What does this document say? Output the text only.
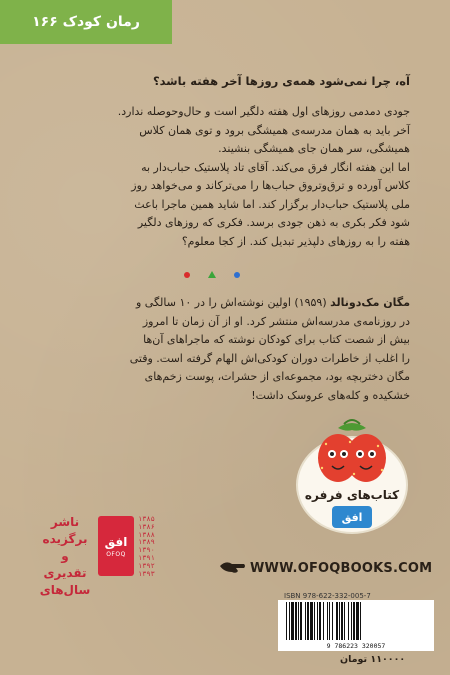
رمان کودک ۱۶۶
آه، چرا نمی‌شود همه‌ی روزها آخر هفته باشد؟

جودی دمدمی روزهای اول هفته دلگیر است و حال‌وحوصله ندارد.

آخر باید به همان مدرسه‌ی همیشگی برود و توی همان کلاس

همیشگی، سر همان جای همیشگی بنشیند.

اما این هفته انگار فرق می‌کند. آقای تاد پلاستیک حباب‌دار به

کلاس آورده و ترق‌وتروق حباب‌ها را می‌ترکاند و می‌خواهد روز

ملی پلاستیک حباب‌دار برگزار کند. اما شاید همین ماجرا باعث

شود فکر بکری به ذهن جودی برسد. فکری که روزهای دلگیر

هفته را به روزهای دلپذیر تبدیل کند. از کجا معلوم؟

مگان مک‌دونالد (۱۹۵۹) اولین نوشته‌اش را در ۱۰ سالگی و

در روزنامه‌ی مدرسه‌اش منتشر کرد. او از آن زمان تا امروز

بیش از شصت کتاب برای کودکان نوشته که ماجراهای آن‌ها

را اغلب از خاطرات دوران کودکی‌اش الهام گرفته است. وقتی

مگان دختربچه بود، مجموعه‌ای از حشرات، پوست زخم‌های

خشکیده و کله‌های عروسک داشت!

کتاب‌های فرفره
افق
ناشر
برگزیده
و تقدیری
سال‌های
افق
OFOQ
۱۳۸۵
۱۳۸۶
۱۳۸۸
۱۳۸۹
۱۳۹۰
۱۳۹۱
۱۳۹۲
۱۳۹۳	WWW.OFOQBOOKS.COM
ISBN 978-622-332-005-7
9 786223 320057
۱۱۰۰۰۰ تومان
